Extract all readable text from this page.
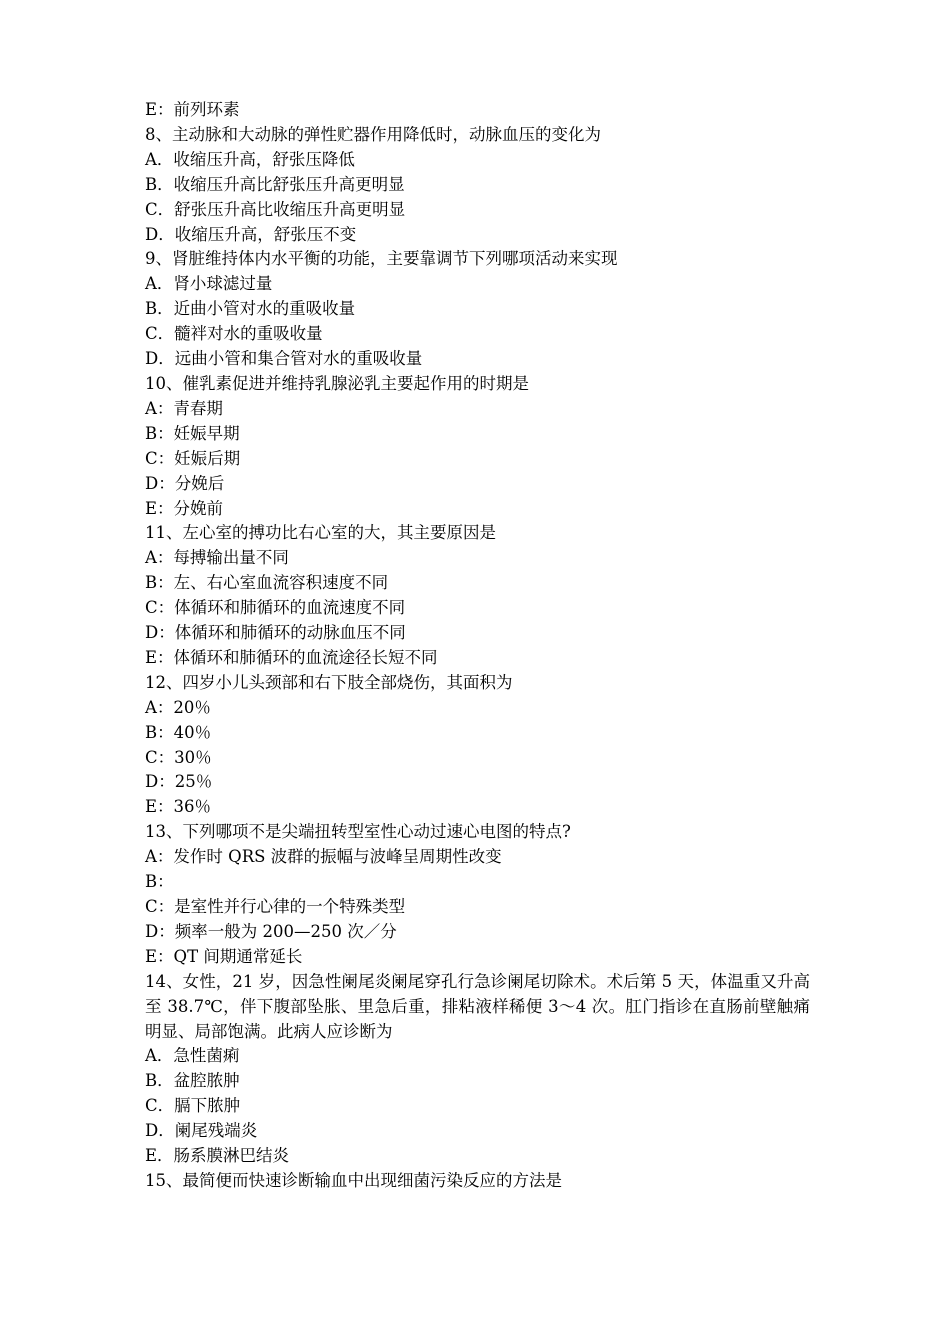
E：前列环素
8、主动脉和大动脉的弹性贮器作用降低时，动脉血压的变化为
A．收缩压升高，舒张压降低
B．收缩压升高比舒张压升高更明显
C．舒张压升高比收缩压升高更明显
D．收缩压升高，舒张压不变
9、肾脏维持体内水平衡的功能，主要靠调节下列哪项活动来实现
A．肾小球滤过量
B．近曲小管对水的重吸收量
C．髓袢对水的重吸收量
D．远曲小管和集合管对水的重吸收量
10、催乳素促进并维持乳腺泌乳主要起作用的时期是
A：青春期
B：妊娠早期
C：妊娠后期
D：分娩后
E：分娩前
11、左心室的搏功比右心室的大，其主要原因是
A：每搏输出量不同
B：左、右心室血流容积速度不同
C：体循环和肺循环的血流速度不同
D：体循环和肺循环的动脉血压不同
E：体循环和肺循环的血流途径长短不同
12、四岁小儿头颈部和右下肢全部烧伤，其面积为
A：20％
B：40％
C：30％
D：25％
E：36％
13、下列哪项不是尖端扭转型室性心动过速心电图的特点?
A：发作时 QRS 波群的振幅与波峰呈周期性改变
B：
C：是室性并行心律的一个特殊类型
D：频率一般为 200—250 次／分
E：QT 间期通常延长
14、女性，21 岁，因急性阑尾炎阑尾穿孔行急诊阑尾切除术。术后第 5 天，体温重又升高至 38.7℃，伴下腹部坠胀、里急后重，排粘液样稀便 3～4 次。肛门指诊在直肠前壁触痛明显、局部饱满。此病人应诊断为
A．急性菌痢
B．盆腔脓肿
C．膈下脓肿
D．阑尾残端炎
E．肠系膜淋巴结炎
15、最简便而快速诊断输血中出现细菌污染反应的方法是
